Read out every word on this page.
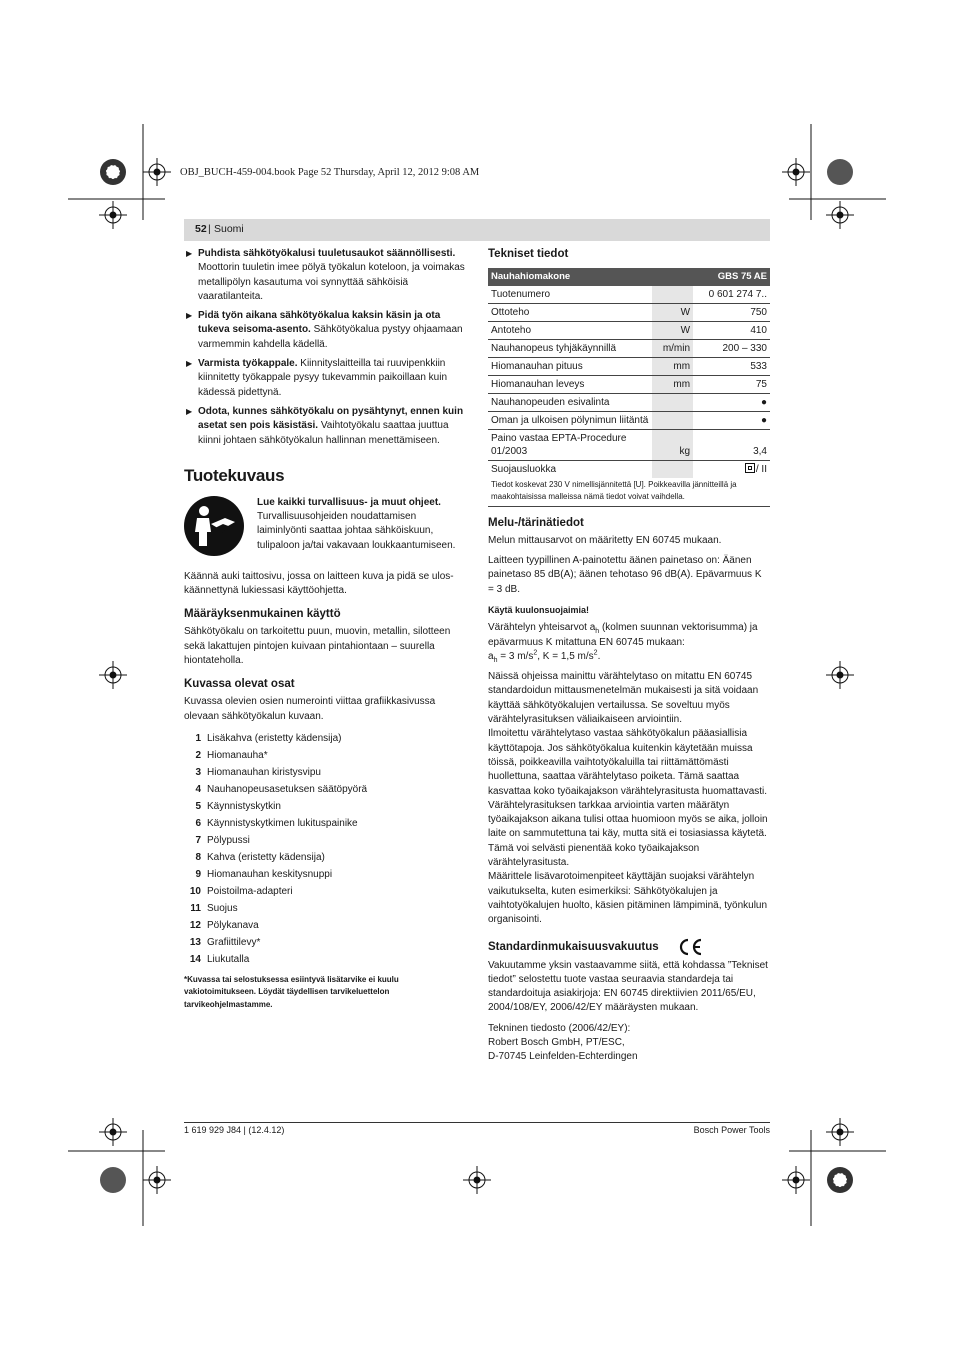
OBJ_BUCH-459-004.book Page 52 Thursday, April 12, 2012 9:08 AM
52 | Suomi
▶ Puhdista sähkötyökalusi tuuletusaukot säännöllisesti. Moottorin tuuletin imee pölyä työkalun koteloon, ja voimakas metallipölyn kasautuma voi synnyttää sähköisiä vaaratilanteita.
▶ Pidä työn aikana sähkötyökalua kaksin käsin ja ota tukeva seisoma-asento. Sähkötyökalua pystyy ohjaamaan varmemmin kahdella kädellä.
▶ Varmista työkappale. Kiinnityslaitteilla tai ruuvipenkkiin kiinnitetty työkappale pysyy tukevammin paikoillaan kuin kädessä pidettynä.
▶ Odota, kunnes sähkötyökalu on pysähtynyt, ennen kuin asetat sen pois käsistäsi. Vaihtotyökalu saattaa juuttua kiinni johtaen sähkötyökalun hallinnan menettämiseen.
Tuotekuvaus
Lue kaikki turvallisuus- ja muut ohjeet. Turvallisuusohjeiden noudattamisen laiminlyönti saattaa johtaa sähköiskuun, tulipaloon ja/tai vakavaan loukkaantumiseen.

Käännä auki taittosivu, jossa on laitteen kuva ja pidä se ulos-käännettynä lukiessasi käyttöohjetta.

Määräyksenmukainen käyttö

Sähkötyökalu on tarkoitettu puun, muovin, metallin, silotteen sekä lakattujen pintojen kuivaan pintahiontaan – suurella hiontateholla.

Kuvassa olevat osat

Kuvassa olevien osien numerointi viittaa grafiikkasivussa olevaan sähkötyökalun kuvaan.

1 Lisäkahva (eristetty kädensija)
2 Hiomanauha*
3 Hiomanauhan kiristysvipu
4 Nauhanopeusasetuksen säätöpyörä
5 Käynnistyskytkin
6 Käynnistyskytkimen lukituspainike
7 Pölypussi
8 Kahva (eristetty kädensija)
9 Hiomanauhan keskitysnuppi
10 Poistoilma-adapteri
11 Suojus
12 Pölykanava
13 Grafiittilevy*
14 Liukutalla
*Kuvassa tai selostuksessa esiintyvä lisätarvike ei kuulu vakiotoimitukseen. Löydät täydellisen tarvikeluettelon tarvikeohjelmastamme.
Tekniset tiedot
Nauhahiomakone		GBS 75 AE
Tuotenumero		0 601 274 7..
Ottoteho	W	750
Antoteho	W	410
Nauhanopeus tyhjäkäynnillä	m/min	200 – 330
Hiomanauhan pituus	mm	533
Hiomanauhan leveys	mm	75
Nauhanopeuden esivalinta		●
Oman ja ulkoisen pölynimun liitäntä		●
Paino vastaa EPTA-Procedure 01/2003	kg	3,4
Suojausluokka		/ II
Tiedot koskevat 230 V nimellisjännitettä [U]. Poikkeavilla jännitteillä ja maakohtaisissa malleissa nämä tiedot voivat vaihdella.
Melu-/tärinätiedot

Melun mittausarvot on määritetty EN 60745 mukaan.

Laitteen tyypillinen A-painotettu äänen painetaso on: Äänen painetaso 85 dB(A); äänen tehotaso 96 dB(A). Epävarmuus K = 3 dB.

Käytä kuulonsuojaimia!

Värähtelyn yhteisarvot $a_h$ (kolmen suunnan vektorisumma) ja epävarmuus K mitattuna EN 60745 mukaan:
$a_h = 3$ $m/s^2$, K = 1,5 $m/s^2$.

Näissä ohjeissa mainittu värähtelytaso on mitattu EN 60745 standardoidun mittausmenetelmän mukaisesti ja sitä voidaan käyttää sähkötyökalujen vertailussa. Se soveltuu myös värähtelyrasituksen väliaikaiseen arviointiin.
Ilmoitettu värähtelytaso vastaa sähkötyökalun pääasiallisia käyttötapoja. Jos sähkötyökalua kuitenkin käytetään muissa töissä, poikkeavilla vaihtotyökaluilla tai riittämättömästi huollettuna, saattaa värähtelytaso poiketa. Tämä saattaa kasvattaa koko työaikajakson värähtelyrasitusta huomattavasti.
Värähtelyrasituksen tarkkaa arviointia varten määrätyn työaikajakson aikana tulisi ottaa huomioon myös se aika, jolloin laite on sammutettuna tai käy, mutta sitä ei tosiasiassa käytetä. Tämä voi selvästi pienentää koko työaikajakson värähtelyrasitusta.
Määrittele lisävarotoimenpiteet käyttäjän suojaksi värähtelyn vaikutukselta, kuten esimerkiksi: Sähkötyökalujen ja vaihtotyökalujen huolto, käsien pitäminen lämpiminä, työnkulun organisointi.
Standardinmukaisuusvakuutus

Vakuutamme yksin vastaavamme siitä, että kohdassa ”Tekniset tiedot” selostettu tuote vastaa seuraavia standardeja tai standardoituja asiakirjoja: EN 60745 direktiivien 2011/65/EU, 2004/108/EY, 2006/42/EY määräysten mukaan.

Tekninen tiedosto (2006/42/EY):
Robert Bosch GmbH, PT/ESC,
D-70745 Leinfelden-Echterdingen
1 619 929 J84 | (12.4.12)	Bosch Power Tools
